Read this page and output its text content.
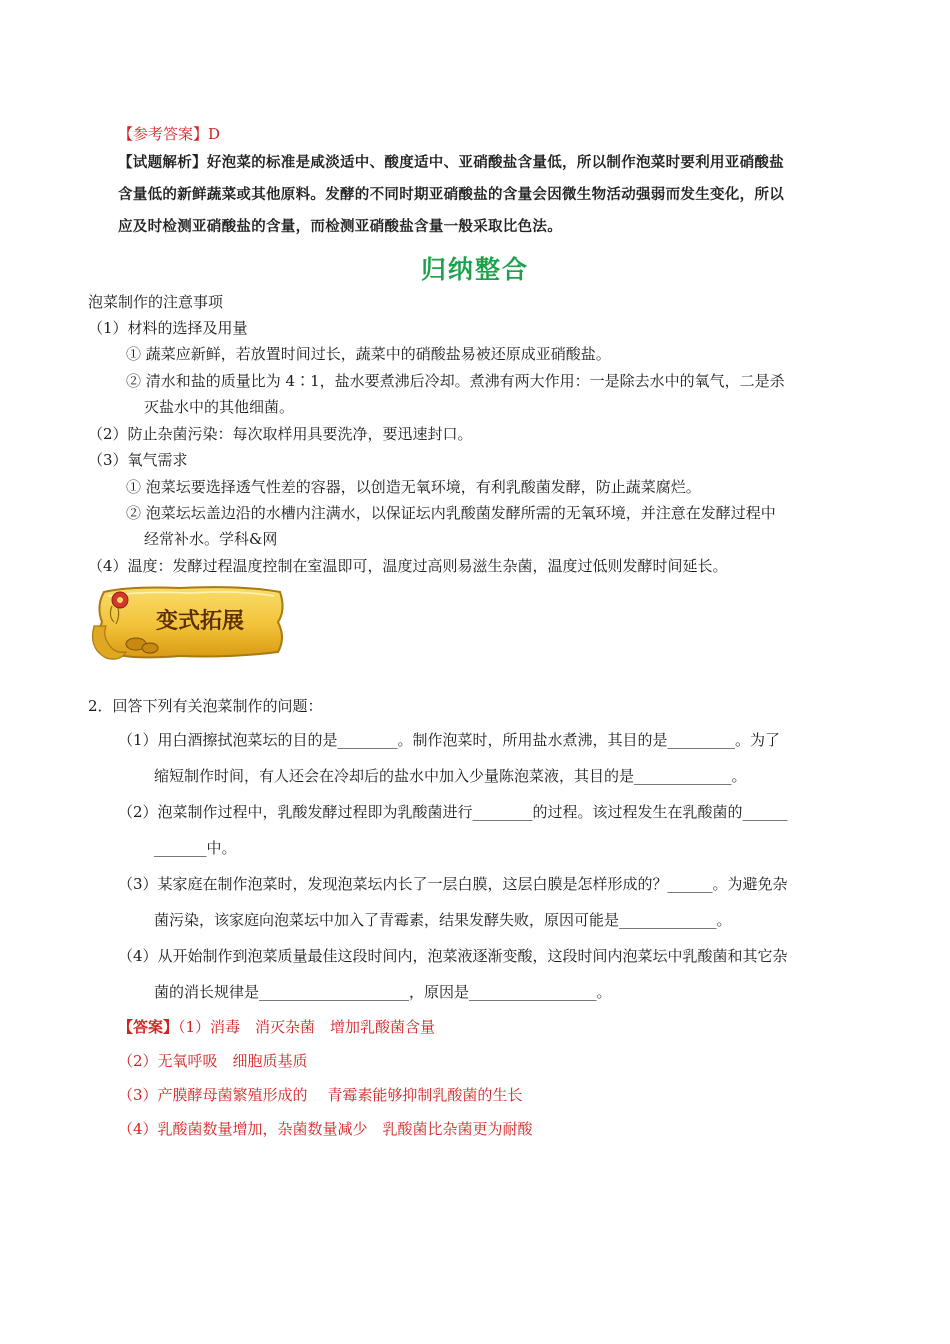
【参考答案】D
【试题解析】好泡菜的标准是咸淡适中、酸度适中、亚硝酸盐含量低，所以制作泡菜时要利用亚硝酸盐
含量低的新鲜蔬菜或其他原料。发酵的不同时期亚硝酸盐的含量会因微生物活动强弱而发生变化，所以
应及时检测亚硝酸盐的含量，而检测亚硝酸盐含量一般采取比色法。
归纳整合
泡菜制作的注意事项
（1）材料的选择及用量
① 蔬菜应新鲜，若放置时间过长，蔬菜中的硝酸盐易被还原成亚硝酸盐。
② 清水和盐的质量比为 4∶1，盐水要煮沸后冷却。煮沸有两大作用：一是除去水中的氧气，二是杀
灭盐水中的其他细菌。
（2）防止杂菌污染：每次取样用具要洗净，要迅速封口。
（3）氧气需求
① 泡菜坛要选择透气性差的容器，以创造无氧环境，有利乳酸菌发酵，防止蔬菜腐烂。
② 泡菜坛坛盖边沿的水槽内注满水，以保证坛内乳酸菌发酵所需的无氧环境，并注意在发酵过程中
经常补水。学科&网
（4）温度：发酵过程温度控制在室温即可，温度过高则易滋生杂菌，温度过低则发酵时间延长。
变式拓展
2．回答下列有关泡菜制作的问题：
（1）用白酒擦拭泡菜坛的目的是________。制作泡菜时，所用盐水煮沸，其目的是_________。为了
缩短制作时间，有人还会在冷却后的盐水中加入少量陈泡菜液，其目的是_____________。
（2）泡菜制作过程中，乳酸发酵过程即为乳酸菌进行________的过程。该过程发生在乳酸菌的______
_______中。
（3）某家庭在制作泡菜时，发现泡菜坛内长了一层白膜，这层白膜是怎样形成的？______。为避免杂
菌污染，该家庭向泡菜坛中加入了青霉素，结果发酵失败，原因可能是_____________。
（4）从开始制作到泡菜质量最佳这段时间内，泡菜液逐渐变酸，这段时间内泡菜坛中乳酸菌和其它杂
菌的消长规律是____________________，原因是_________________。
【答案】（1）消毒　消灭杂菌　增加乳酸菌含量
（2）无氧呼吸　细胞质基质
（3）产膜酵母菌繁殖形成的　 青霉素能够抑制乳酸菌的生长
（4）乳酸菌数量增加，杂菌数量减少　乳酸菌比杂菌更为耐酸
